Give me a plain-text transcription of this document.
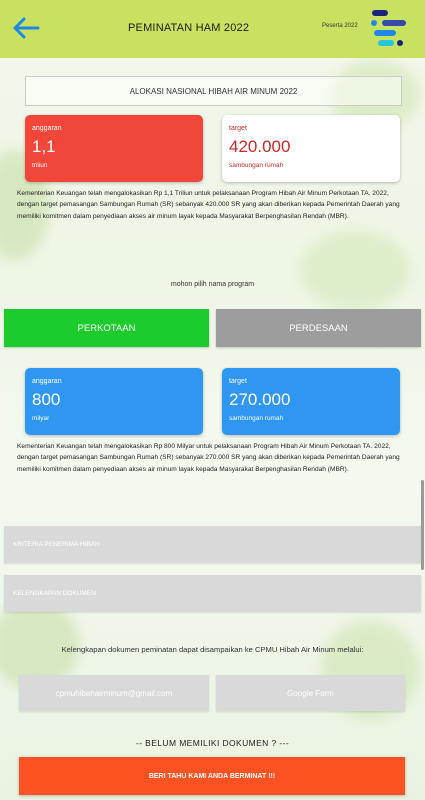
PEMINATAN HAM 2022	Peserta 2022
ALOKASI NASIONAL HIBAH AIR MINUM 2022
anggaran
1,1
triliun
target
420.000
sambungan rumah
Kementerian Keuangan telah mengalokasikan Rp 1,1 Triliun untuk pelaksanaan Program Hibah Air Minum Perkotaan TA. 2022, dengan target pemasangan Sambungan Rumah (SR) sebanyak 420.000 SR yang akan diberikan kepada Pemerintah Daerah yang memiliki komitmen dalam penyediaan akses air minum layak kepada Masyarakat Berpenghasilan Rendah (MBR).
mohon pilih nama program
PERKOTAAN	PERDESAAN
anggaran
800
milyar
target
270.000
sambungan rumah
Kementerian Keuangan telah mengalokasikan Rp 800 Milyar untuk pelaksanaan Program Hibah Air Minum Perkotaan TA. 2022, dengan target pemasangan Sambungan Rumah (SR) sebanyak 270.000 SR yang akan diberikan kepada Pemerintah Daerah yang memiliki komitmen dalam penyediaan akses air minum layak kepada Masyarakat Berpenghasilan Rendah (MBR).
KRITERIA PENERIMA HIBAH
KELENGKAPAN DOKUMEN
Kelengkapan dokumen peminatan dapat disampaikan ke CPMU Hibah Air Minum melalui:
cpmuhibahairminum@gmail.com	Google Form
-- BELUM MEMILIKI DOKUMEN ? ---
BERI TAHU KAMI ANDA BERMINAT !!!
